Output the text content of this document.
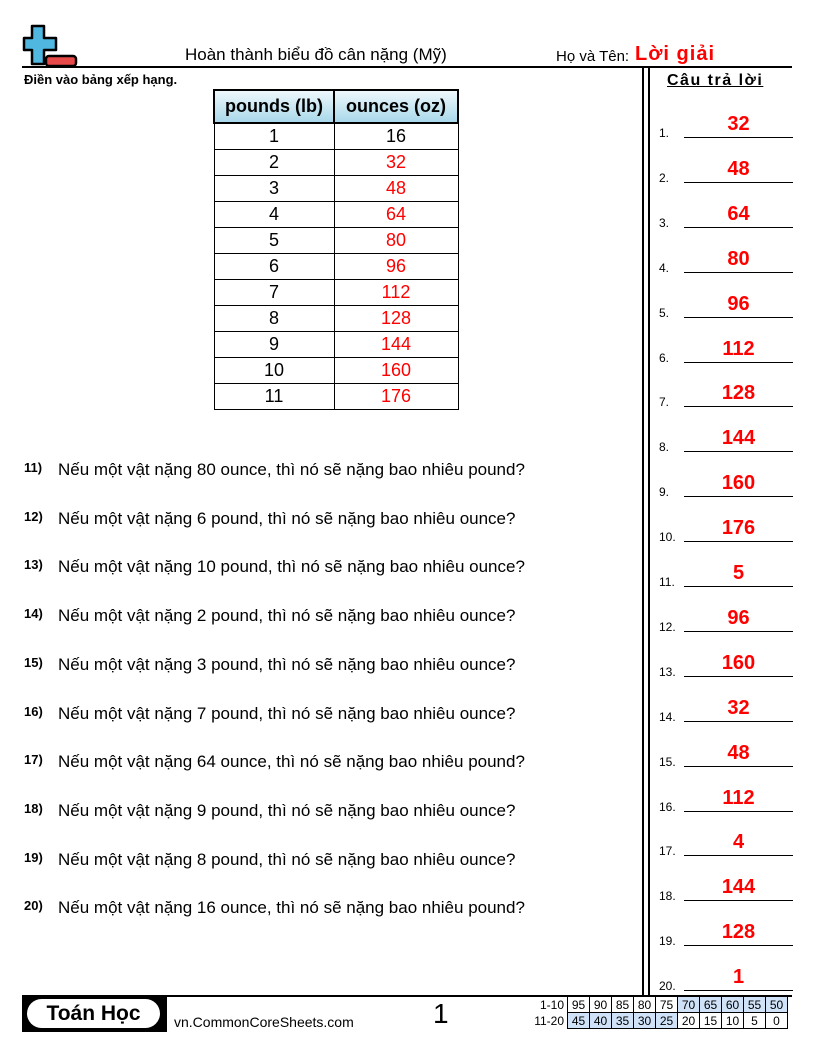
Hoàn thành biểu đồ cân nặng (Mỹ)	Họ và Tên: Lời giải
Điền vào bảng xếp hạng.	Câu trả lời
pounds (lb)	ounces (oz)
1	16
2	32
3	48
4	64
5	80
6	96
7	112
8	128
9	144
10	160
11	176
11) Nếu một vật nặng 80 ounce, thì nó sẽ nặng bao nhiêu pound?
12) Nếu một vật nặng 6 pound, thì nó sẽ nặng bao nhiêu ounce?
13) Nếu một vật nặng 10 pound, thì nó sẽ nặng bao nhiêu ounce?
14) Nếu một vật nặng 2 pound, thì nó sẽ nặng bao nhiêu ounce?
15) Nếu một vật nặng 3 pound, thì nó sẽ nặng bao nhiêu ounce?
16) Nếu một vật nặng 7 pound, thì nó sẽ nặng bao nhiêu ounce?
17) Nếu một vật nặng 64 ounce, thì nó sẽ nặng bao nhiêu pound?
18) Nếu một vật nặng 9 pound, thì nó sẽ nặng bao nhiêu ounce?
19) Nếu một vật nặng 8 pound, thì nó sẽ nặng bao nhiêu ounce?
20) Nếu một vật nặng 16 ounce, thì nó sẽ nặng bao nhiêu pound?
1.	32
2.	48
3.	64
4.	80
5.	96
6.	112
7.	128
8.	144
9.	160
10.	176
11.	5
12.	96
13.	160
14.	32
15.	48
16.	112
17.	4
18.	144
19.	128
20.	1
Toán Học	vn.CommonCoreSheets.com	1	1-10	95	90	85	80	75	70	65	60	55	50
11-20	45	40	35	30	25	20	15	10	5	0
